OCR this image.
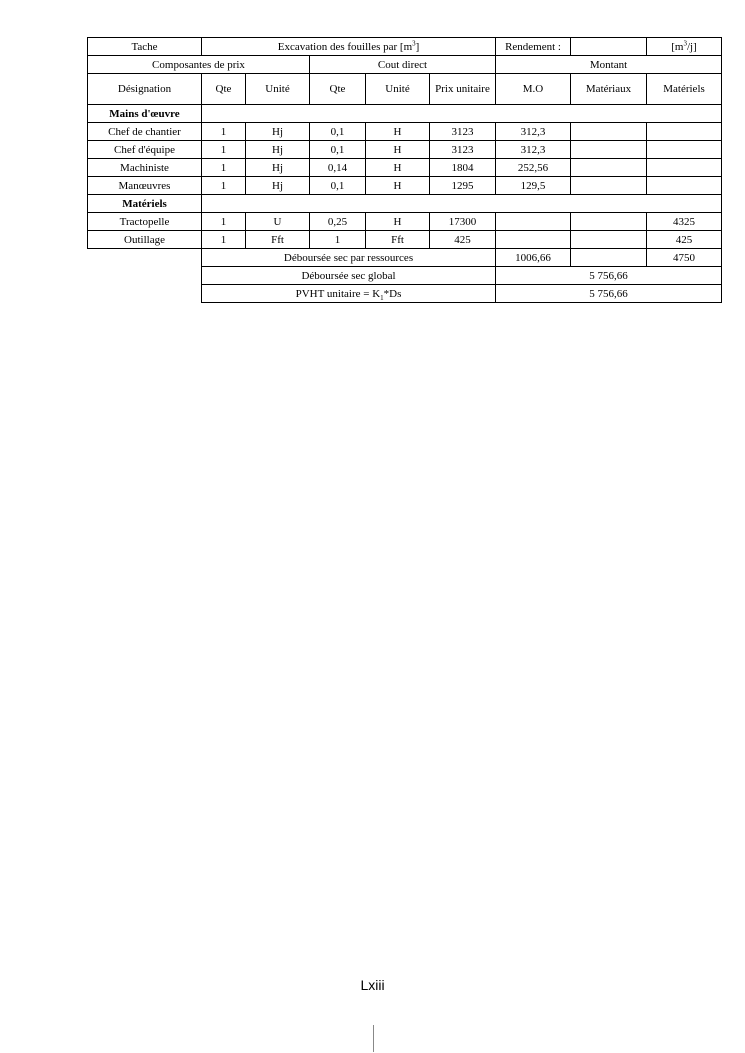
Tache	Excavation des fouilles par $[m^3]$					Rendement :		$[m^3/j]$
Composantes de prix			Cout direct			Montant		
Désignation	Qte	Unité	Qte	Unité	Prix unitaire	M.O	Matériaux	Matériels
Mains d'œuvre								
Chef de chantier	1	Hj	0,1	H	3123	312,3		
Chef d'équipe	1	Hj	0,1	H	3123	312,3		
Machiniste	1	Hj	0,14	H	1804	252,56		
Manœuvres	1	Hj	0,1	H	1295	129,5		
Matériels								
Tractopelle	1	U	0,25	H	17300			4325
Outillage	1	Fft	1	Fft	425			425
	Déboursée sec par ressources					1006,66		4750
	Déboursée sec global					5 756,66		
	PVHT unitaire = $K_1*Ds$					5 756,66		
Lxiii
